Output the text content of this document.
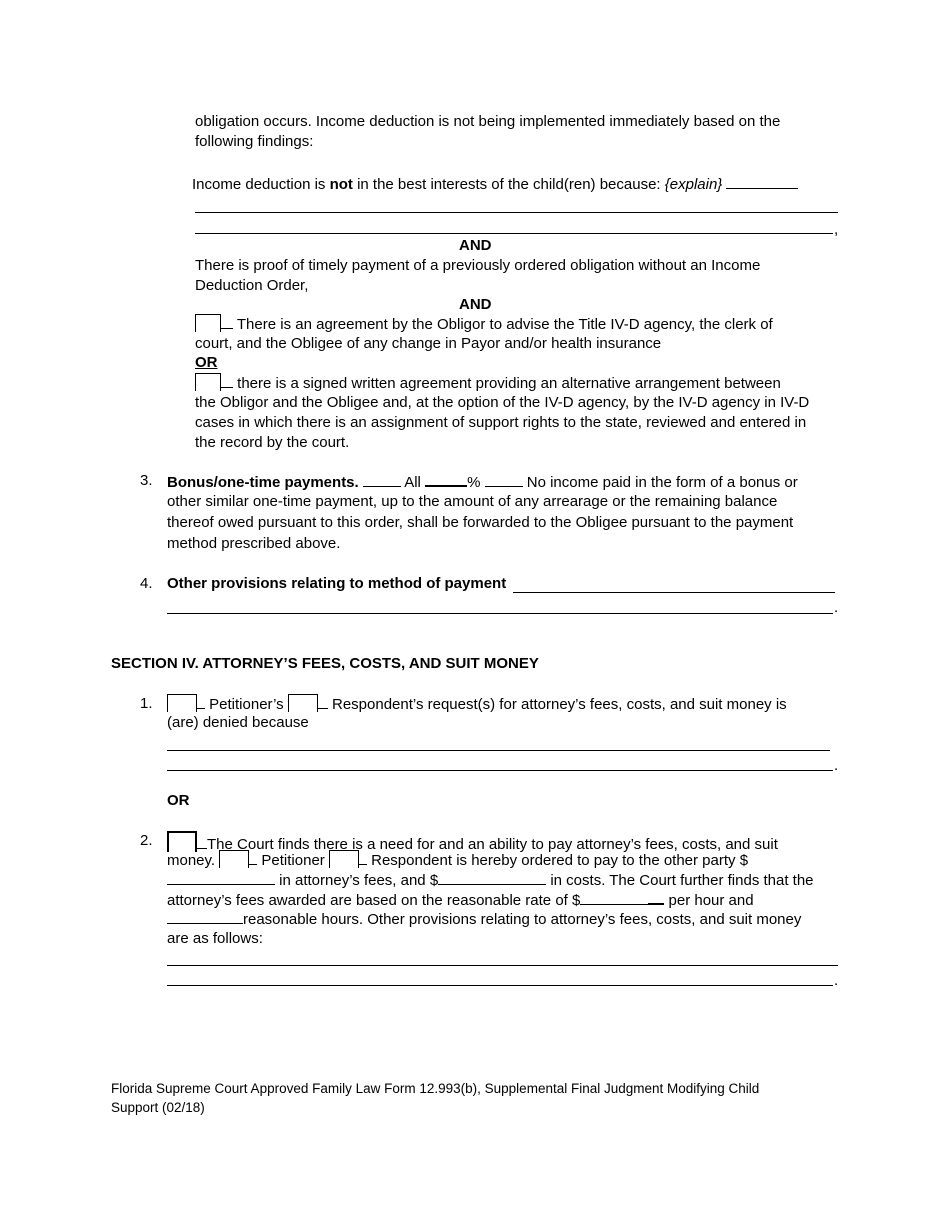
obligation occurs. Income deduction is not being implemented immediately based on the
following findings:
Income deduction is not in the best interests of the child(ren) because: {explain}
,
AND
There is proof of timely payment of a previously ordered obligation without an Income
Deduction Order,
AND
There is an agreement by the Obligor to advise the Title IV-D agency, the clerk of
court, and the Obligee of any change in Payor and/or health insurance
OR
there is a signed written agreement providing an alternative arrangement between
the Obligor and the Obligee and, at the option of the IV-D agency, by the IV-D agency in IV-D
cases in which there is an assignment of support rights to the state, reviewed and entered in
the record by the court.
3. Bonus/one-time payments.	All	%	No income paid in the form of a bonus or
other similar one-time payment, up to the amount of any arrearage or the remaining balance
thereof owed pursuant to this order, shall be forwarded to the Obligee pursuant to the payment
method prescribed above.
4. Other provisions relating to method of payment
.
SECTION IV. ATTORNEY’S FEES, COSTS, AND SUIT MONEY
1.	Petitioner’s	Respondent’s request(s) for attorney’s fees, costs, and suit money is
(are) denied because
.
OR
2.	The Court finds there is a need for and an ability to pay attorney’s fees, costs, and suit
money.	Petitioner	Respondent is hereby ordered to pay to the other party $
in attorney’s fees, and $	in costs. The Court further finds that the
attorney’s fees awarded are based on the reasonable rate of $	per hour and
reasonable hours. Other provisions relating to attorney’s fees, costs, and suit money
are as follows:
.
Florida Supreme Court Approved Family Law Form 12.993(b), Supplemental Final Judgment Modifying Child
Support (02/18)
